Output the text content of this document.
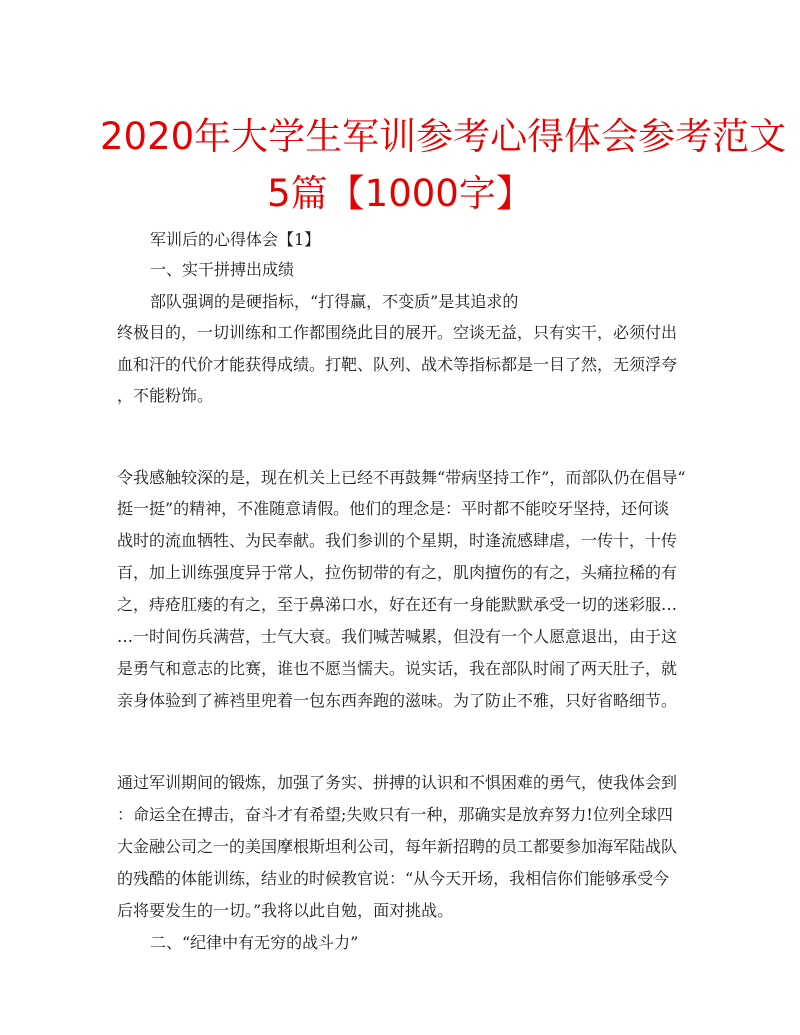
2020年大学生军训参考心得体会参考范文
5篇【1000字】
军训后的心得体会【1】
一、实干拼搏出成绩
部队强调的是硬指标，“打得赢，不变质”是其追求的
终极目的，一切训练和工作都围绕此目的展开。空谈无益，只有实干，必须付出
血和汗的代价才能获得成绩。打靶、队列、战术等指标都是一目了然，无须浮夸
，不能粉饰。
令我感触较深的是，现在机关上已经不再鼓舞“带病坚持工作”，而部队仍在倡导“
挺一挺”的精神，不准随意请假。他们的理念是：平时都不能咬牙坚持，还何谈
战时的流血牺牲、为民奉献。我们参训的个星期，时逢流感肆虐，一传十，十传
百，加上训练强度异于常人，拉伤韧带的有之，肌肉擅伤的有之，头痛拉稀的有
之，痔疮肛瘘的有之，至于鼻涕口水，好在还有一身能默默承受一切的迷彩服…
…一时间伤兵满营，士气大衰。我们喊苦喊累，但没有一个人愿意退出，由于这
是勇气和意志的比赛，谁也不愿当懦夫。说实话，我在部队时闹了两天肚子，就
亲身体验到了裤裆里兜着一包东西奔跑的滋味。为了防止不雅，只好省略细节。
通过军训期间的锻炼，加强了务实、拼搏的认识和不惧困难的勇气，使我体会到
：命运全在搏击，奋斗才有希望;失败只有一种，那确实是放弃努力!位列全球四
大金融公司之一的美国摩根斯坦利公司，每年新招聘的员工都要参加海军陆战队
的残酷的体能训练，结业的时候教官说：“从今天开场，我相信你们能够承受今
后将要发生的一切。”我将以此自勉，面对挑战。
二、“纪律中有无穷的战斗力”
